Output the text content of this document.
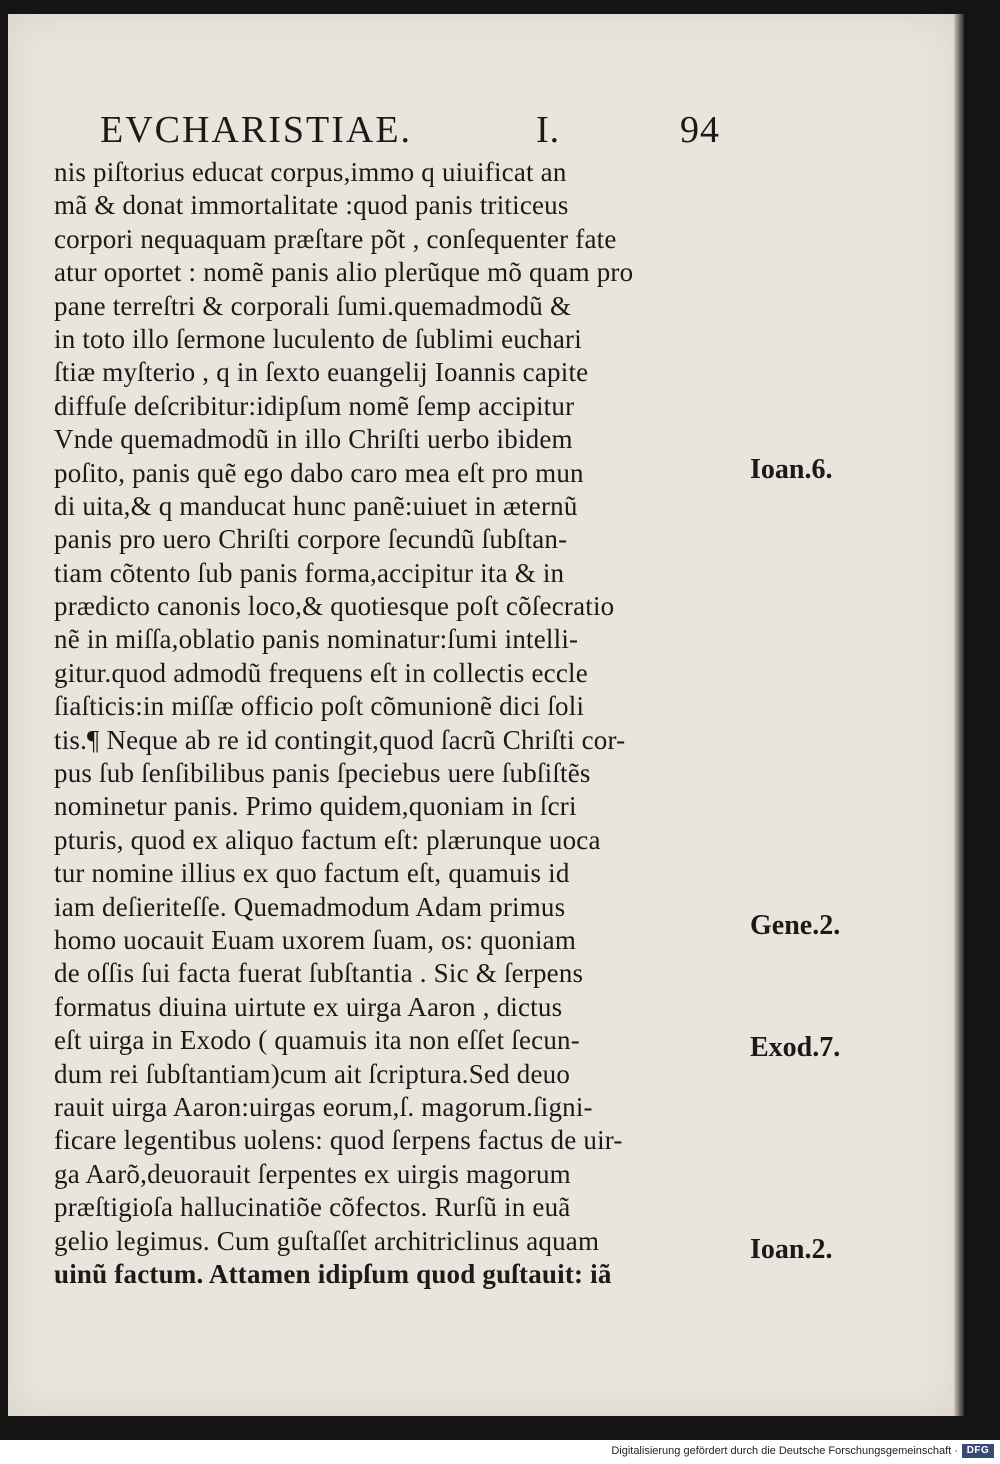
EVCHARISTIAE.	I.	94
nis piſtorius educat corpus,immo q uiuificat an
mã & donat immortalitate :quod panis triticeus
corpori nequaquam præſtare põt , conſequenter fate
atur oportet : nomẽ panis alio plerũque mõ quam pro
pane terreſtri & corporali ſumi.quemadmodũ &
in toto illo ſermone luculento de ſublimi euchari
ſtiæ myſterio , q in ſexto euangelij Ioannis capite
diffuſe deſcribitur:idipſum nomẽ ſemp accipitur
Vnde quemadmodũ in illo Chriſti uerbo ibidem
poſito, panis quẽ ego dabo caro mea eſt pro mun
di uita,& q manducat hunc panẽ:uiuet in æternũ
panis pro uero Chriſti corpore ſecundũ ſubſtan-
tiam cõtento ſub panis forma,accipitur ita & in
prædicto canonis loco,& quotiesque poſt cõſecratio
nẽ in miſſa,oblatio panis nominatur:ſumi intelli-
gitur.quod admodũ frequens eſt in collectis eccle
ſiaſticis:in miſſæ officio poſt cõmunionẽ dici ſoli
tis.¶ Neque ab re id contingit,quod ſacrũ Chriſti cor-
pus ſub ſenſibilibus panis ſpeciebus uere ſubſiſtẽs
nominetur panis. Primo quidem,quoniam in ſcri
pturis, quod ex aliquo factum eſt: plærunque uoca
tur nomine illius ex quo factum eſt, quamuis id
iam deſieriteſſe. Quemadmodum Adam primus
homo uocauit Euam uxorem ſuam, os: quoniam
de oſſis ſui facta fuerat ſubſtantia . Sic & ſerpens
formatus diuina uirtute ex uirga Aaron , dictus
eſt uirga in Exodo ( quamuis ita non eſſet ſecun-
dum rei ſubſtantiam)cum ait ſcriptura.Sed deuo
rauit uirga Aaron:uirgas eorum,ſ. magorum.ſigni-
ficare legentibus uolens: quod ſerpens factus de uir-
ga Aarõ,deuorauit ſerpentes ex uirgis magorum
præſtigioſa hallucinatiõe cõfectos. Rurſũ in euã
gelio legimus. Cum guſtaſſet architriclinus aquam
uinũ factum. Attamen idipſum quod guſtauit: iã
Ioan.6.
Gene.2.
Exod.7.
Ioan.2.
Digitalisierung gefördert durch die Deutsche Forschungsgemeinschaft · DFG
